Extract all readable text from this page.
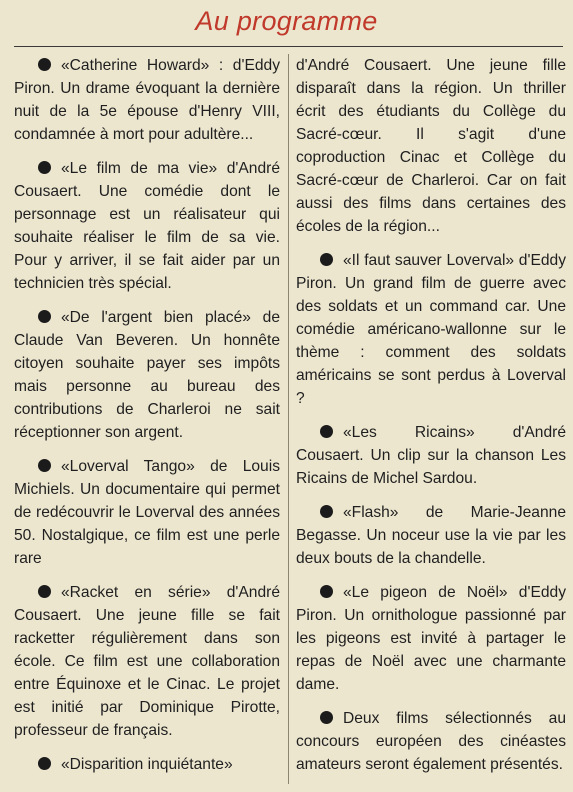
Au programme

«Catherine Howard» : d'Eddy Piron. Un drame évoquant la dernière nuit de la 5e épouse d'Henry VIII, condamnée à mort pour adultère...

«Le film de ma vie» d'André Cousaert. Une comédie dont le personnage est un réalisateur qui souhaite réaliser le film de sa vie. Pour y arriver, il se fait aider par un technicien très spécial.

«De l'argent bien placé» de Claude Van Beveren. Un honnête citoyen souhaite payer ses impôts mais personne au bureau des contributions de Charleroi ne sait réceptionner son argent.

«Loverval Tango» de Louis Michiels. Un documentaire qui permet de redécouvrir le Loverval des années 50. Nostalgique, ce film est une perle rare

«Racket en série» d'André Cousaert. Une jeune fille se fait racketter régulièrement dans son école. Ce film est une collaboration entre Équinoxe et le Cinac. Le projet est initié par Dominique Pirotte, professeur de français.

«Disparition inquiétante»

d'André Cousaert. Une jeune fille disparaît dans la région. Un thriller écrit des étudiants du Collège du Sacré-cœur. Il s'agit d'une coproduction Cinac et Collège du Sacré-cœur de Charleroi. Car on fait aussi des films dans certaines des écoles de la région...

«Il faut sauver Loverval» d'Eddy Piron. Un grand film de guerre avec des soldats et un command car. Une comédie américano-wallonne sur le thème : comment des soldats américains se sont perdus à Loverval ?

«Les Ricains» d'André Cousaert. Un clip sur la chanson Les Ricains de Michel Sardou.

«Flash» de Marie-Jeanne Begasse. Un noceur use la vie par les deux bouts de la chandelle.

«Le pigeon de Noël» d'Eddy Piron. Un ornithologue passionné par les pigeons est invité à partager le repas de Noël avec une charmante dame.

Deux films sélectionnés au concours européen des cinéastes amateurs seront également présentés.
